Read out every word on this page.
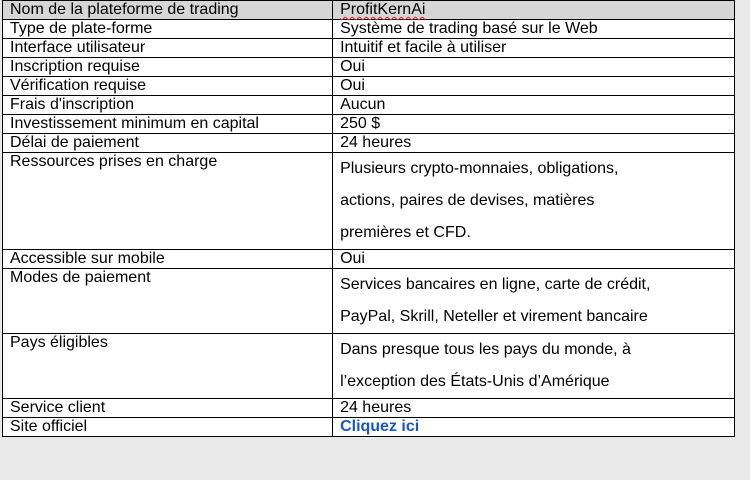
Nom de la plateforme de trading	ProfitKernAi
Type de plate-forme	Système de trading basé sur le Web
Interface utilisateur	Intuitif et facile à utiliser
Inscription requise	Oui
Vérification requise	Oui
Frais d'inscription	Aucun
Investissement minimum en capital	250 $
Délai de paiement	24 heures
Ressources prises en charge	Plusieurs crypto-monnaies, obligations,
actions, paires de devises, matières
premières et CFD.

Accessible sur mobile	Oui
Modes de paiement	Services bancaires en ligne, carte de crédit,
PayPal, Skrill, Neteller et virement bancaire

Pays éligibles	Dans presque tous les pays du monde, à
l’exception des États-Unis d’Amérique

Service client	24 heures
Site officiel	Cliquez ici
